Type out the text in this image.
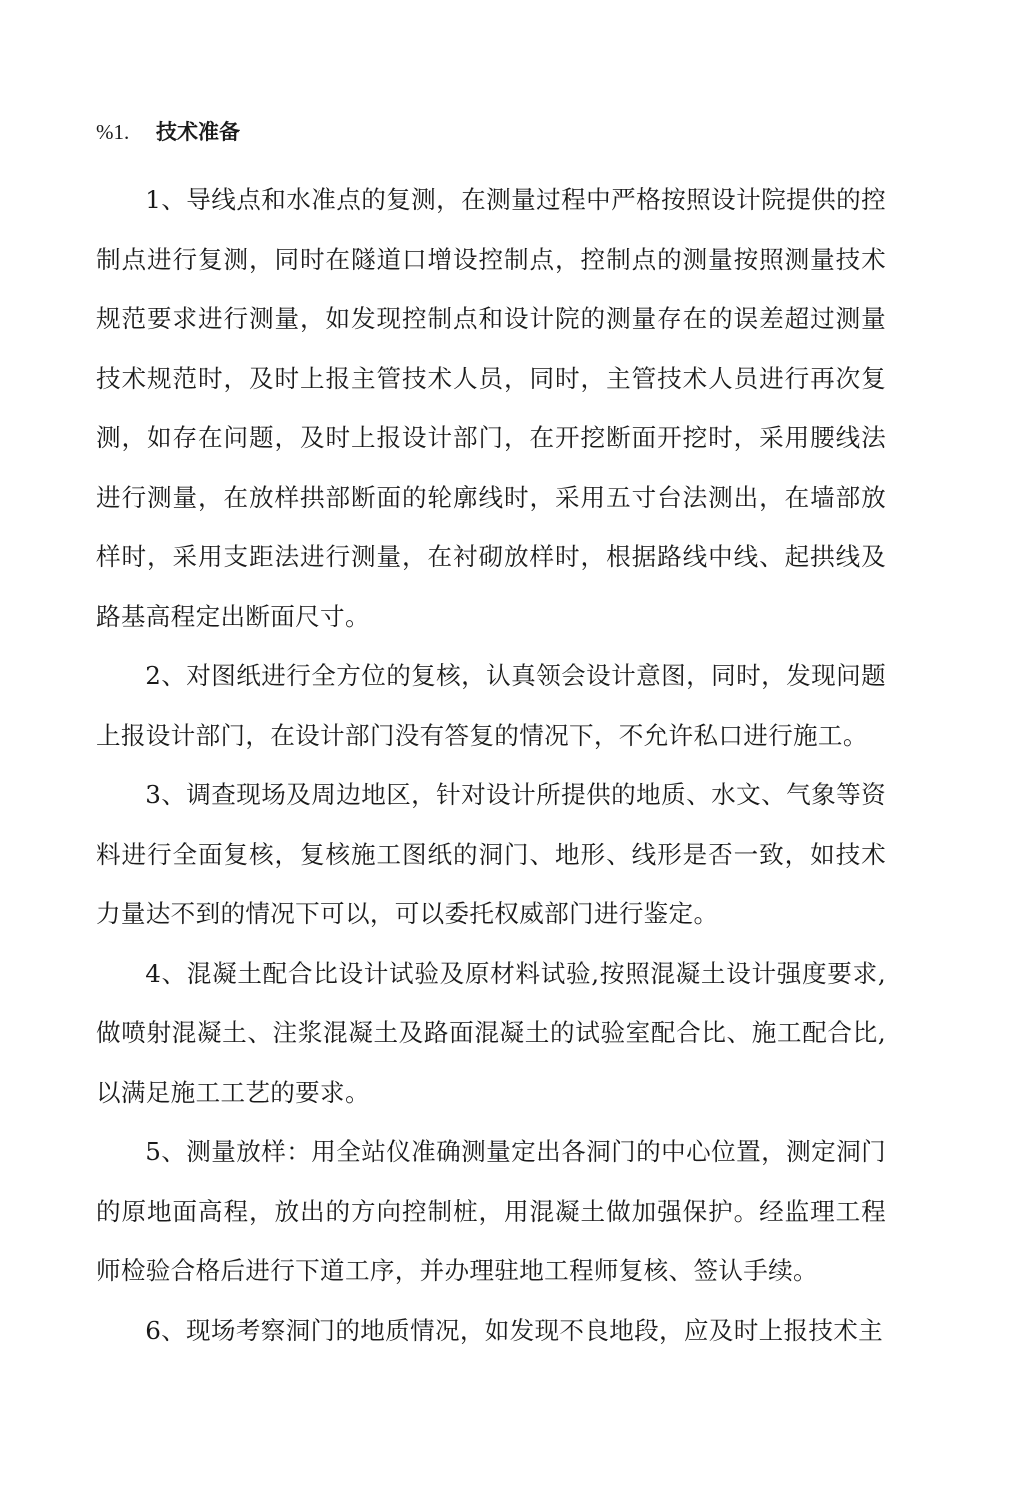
%1. 技术准备

1、导线点和水准点的复测，在测量过程中严格按照设计院提供的控制点进行复测，同时在隧道口增设控制点，控制点的测量按照测量技术规范要求进行测量，如发现控制点和设计院的测量存在的误差超过测量技术规范时，及时上报主管技术人员，同时，主管技术人员进行再次复测，如存在问题，及时上报设计部门，在开挖断面开挖时，采用腰线法进行测量，在放样拱部断面的轮廓线时，采用五寸台法测出，在墙部放样时，采用支距法进行测量，在衬砌放样时，根据路线中线、起拱线及路基高程定出断面尺寸。

2、对图纸进行全方位的复核，认真领会设计意图，同时，发现问题上报设计部门，在设计部门没有答复的情况下，不允许私口进行施工。

3、调查现场及周边地区，针对设计所提供的地质、水文、气象等资料进行全面复核，复核施工图纸的洞门、地形、线形是否一致，如技术力量达不到的情况下可以，可以委托权威部门进行鉴定。

4、混凝土配合比设计试验及原材料试验,按照混凝土设计强度要求,做喷射混凝土、注浆混凝土及路面混凝土的试验室配合比、施工配合比,以满足施工工艺的要求。

5、测量放样：用全站仪准确测量定出各洞门的中心位置，测定洞门的原地面高程，放出的方向控制桩，用混凝土做加强保护。经监理工程师检验合格后进行下道工序，并办理驻地工程师复核、签认手续。

6、现场考察洞门的地质情况，如发现不良地段，应及时上报技术主
